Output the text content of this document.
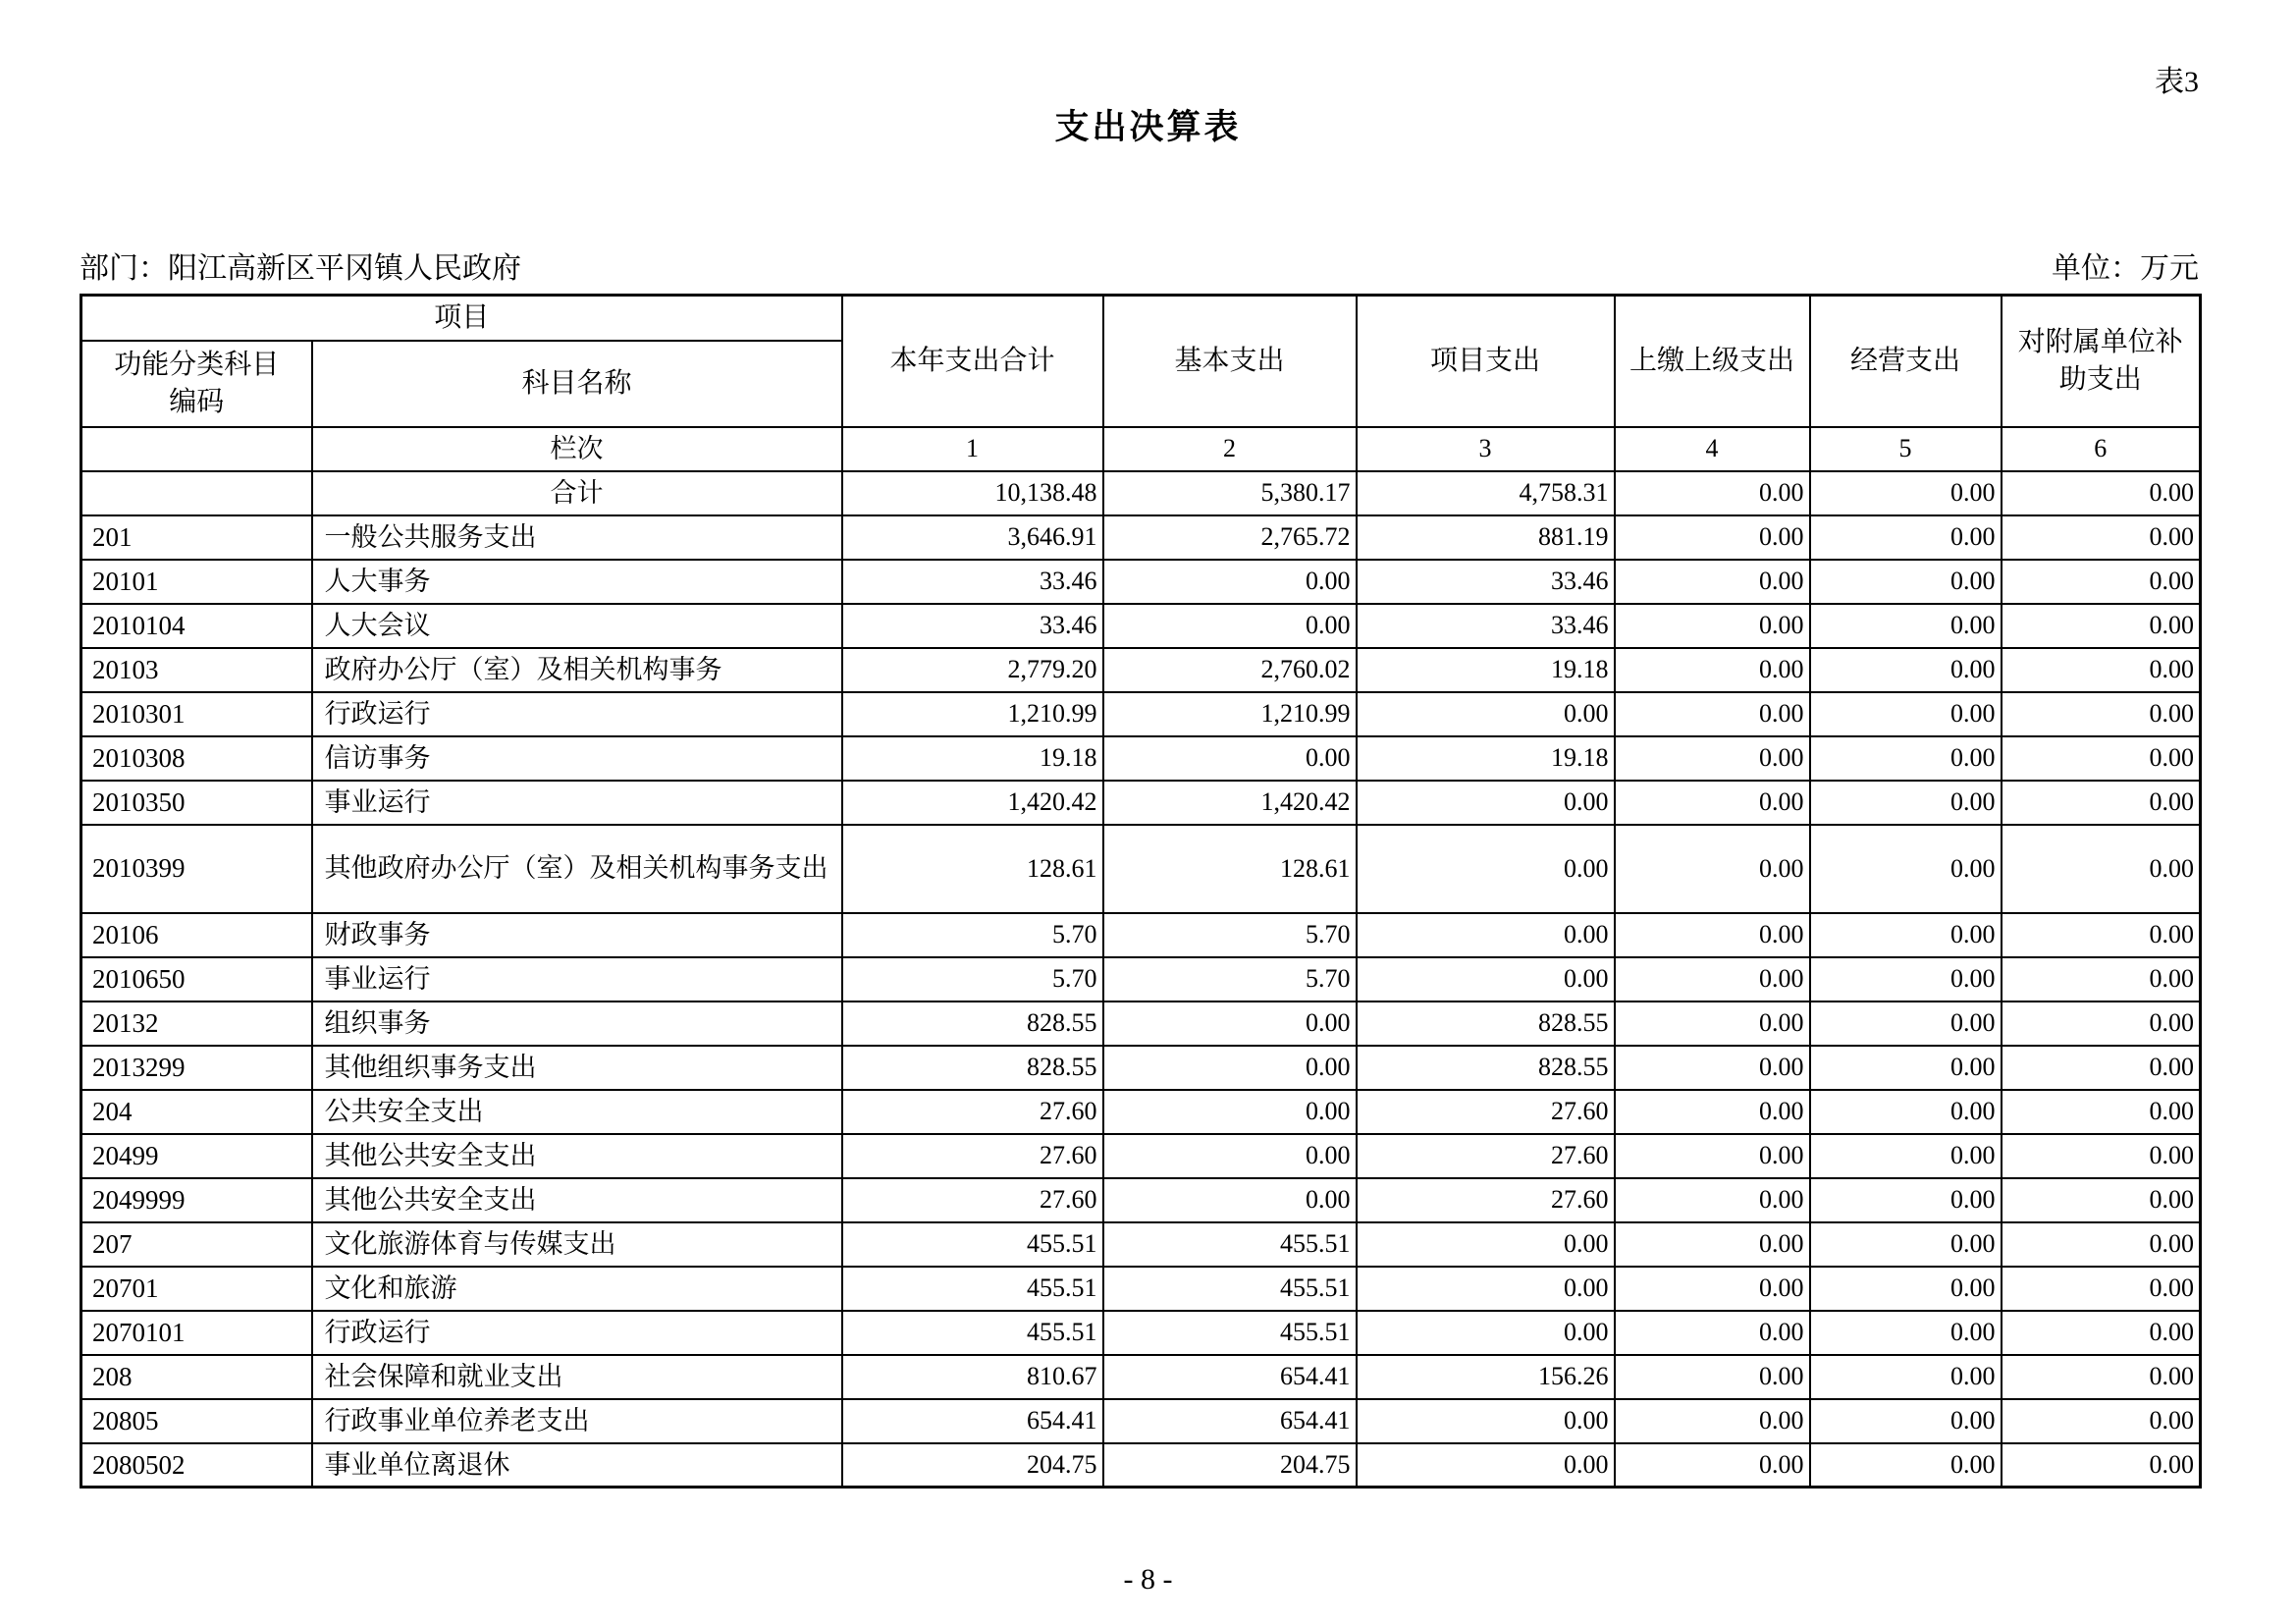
表3
支出决算表
部门：阳江高新区平冈镇人民政府	单位：万元
项目		本年支出合计	基本支出	项目支出	上缴上级支出	经营支出	对附属单位补助支出
功能分类科目
编码	科目名称						
	栏次	1	2	3	4	5	6
	合计	10,138.48	5,380.17	4,758.31	0.00	0.00	0.00
201	一般公共服务支出	3,646.91	2,765.72	881.19	0.00	0.00	0.00
20101	人大事务	33.46	0.00	33.46	0.00	0.00	0.00
2010104	人大会议	33.46	0.00	33.46	0.00	0.00	0.00
20103	政府办公厅（室）及相关机构事务	2,779.20	2,760.02	19.18	0.00	0.00	0.00
2010301	行政运行	1,210.99	1,210.99	0.00	0.00	0.00	0.00
2010308	信访事务	19.18	0.00	19.18	0.00	0.00	0.00
2010350	事业运行	1,420.42	1,420.42	0.00	0.00	0.00	0.00
2010399	其他政府办公厅（室）及相关机构事务支出	128.61	128.61	0.00	0.00	0.00	0.00
20106	财政事务	5.70	5.70	0.00	0.00	0.00	0.00
2010650	事业运行	5.70	5.70	0.00	0.00	0.00	0.00
20132	组织事务	828.55	0.00	828.55	0.00	0.00	0.00
2013299	其他组织事务支出	828.55	0.00	828.55	0.00	0.00	0.00
204	公共安全支出	27.60	0.00	27.60	0.00	0.00	0.00
20499	其他公共安全支出	27.60	0.00	27.60	0.00	0.00	0.00
2049999	其他公共安全支出	27.60	0.00	27.60	0.00	0.00	0.00
207	文化旅游体育与传媒支出	455.51	455.51	0.00	0.00	0.00	0.00
20701	文化和旅游	455.51	455.51	0.00	0.00	0.00	0.00
2070101	行政运行	455.51	455.51	0.00	0.00	0.00	0.00
208	社会保障和就业支出	810.67	654.41	156.26	0.00	0.00	0.00
20805	行政事业单位养老支出	654.41	654.41	0.00	0.00	0.00	0.00
2080502	事业单位离退休	204.75	204.75	0.00	0.00	0.00	0.00
- 8 -
